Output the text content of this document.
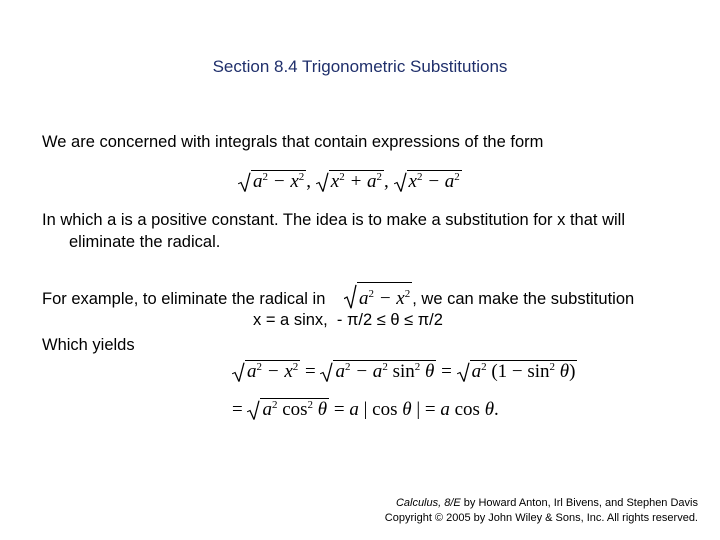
Section 8.4 Trigonometric Substitutions
We are concerned with integrals that contain expressions of the form
$a^2 - x^2$ , $x^2 + a^2$ , $x^2 - a^2$
In which a is a positive constant. The idea is to make a substitution for x that will eliminate the radical.
For example, to eliminate the radical in $a^2 - x^2$ , we can make the substitution
x = a sinx,  - π/2 ≤ θ ≤ π/2
Which yields
$a^2 - x^2 = a^2 - a^2$ $\sin^2 \theta = a^2$ $(1 - \sin^2 \theta)$
= $a^2$ $\cos^2 \theta = a$ | cos θ | = a cos θ.
Calculus, 8/E by Howard Anton, Irl Bivens, and Stephen Davis
Copyright © 2005 by John Wiley & Sons, Inc. All rights reserved.
